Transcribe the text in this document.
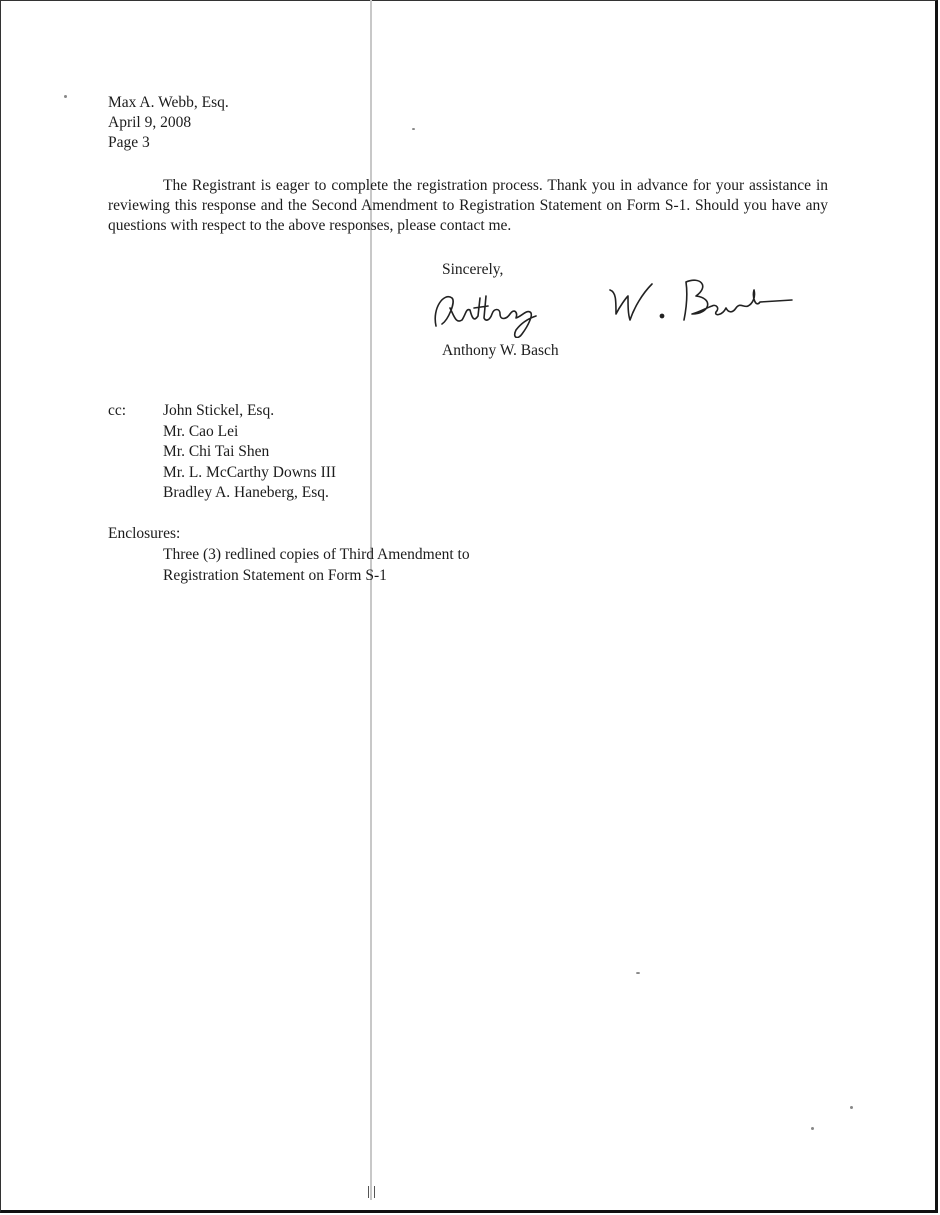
Max A. Webb, Esq.
April 9, 2008
Page 3

The Registrant is eager to complete the registration process. Thank you in advance for your assistance in reviewing this response and the Second Amendment to Registration Statement on Form S-1. Should you have any questions with respect to the above responses, please contact me.

Sincerely,
Anthony W. Basch
cc: John Stickel, Esq.
Mr. Cao Lei
Mr. Chi Tai Shen
Mr. L. McCarthy Downs III
Bradley A. Haneberg, Esq.
Enclosures:
Three (3) redlined copies of Third Amendment to
Registration Statement on Form S-1
